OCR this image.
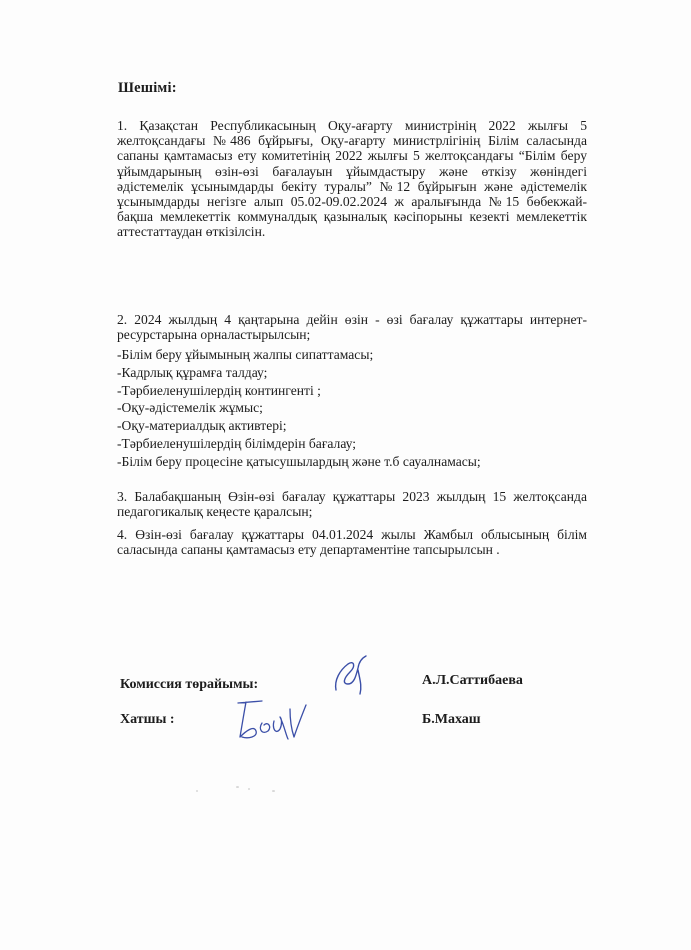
Шешімі:
1. Қазақстан Республикасының Оқу-ағарту министрінің 2022 жылғы 5 желтоқсандағы №486 бұйрығы, Оқу-ағарту министрлігінің Білім саласында сапаны қамтамасыз ету комитетінің 2022 жылғы 5 желтоқсандағы “Білім беру ұйымдарының өзін-өзі бағалауын ұйымдастыру және өткізу жөніндегі әдістемелік ұсынымдарды бекіту туралы” №12 бұйрығын және әдістемелік ұсынымдарды негізге алып 05.02-09.02.2024 ж аралығында №15 бөбекжай-бақша мемлекеттік коммуналдық қазыналық кәсіпорыны кезекті мемлекеттік аттестаттаудан өткізілсін.
2. 2024 жылдың 4 қаңтарына дейін өзін - өзі бағалау құжаттары интернет-ресурстарына орналастырылсын;
-Білім беру ұйымының жалпы сипаттамасы;
-Кадрлық құрамға талдау;
-Тәрбиеленушілердің контингенті ;
-Оқу-әдістемелік жұмыс;
-Оқу-материалдық активтері;
-Тәрбиеленушілердің білімдерін бағалау;
-Білім беру процесіне қатысушылардың және т.б сауалнамасы;
3. Балабақшаның Өзін-өзі бағалау құжаттары 2023 жылдың 15 желтоқсанда педагогикалық кеңесте қаралсын;
4. Өзін-өзі бағалау құжаттары 04.01.2024 жылы Жамбыл облысының білім саласында сапаны қамтамасыз ету департаментіне тапсырылсын .
Комиссия төрайымы:	А.Л.Саттибаева
Хатшы :	Б.Махаш
